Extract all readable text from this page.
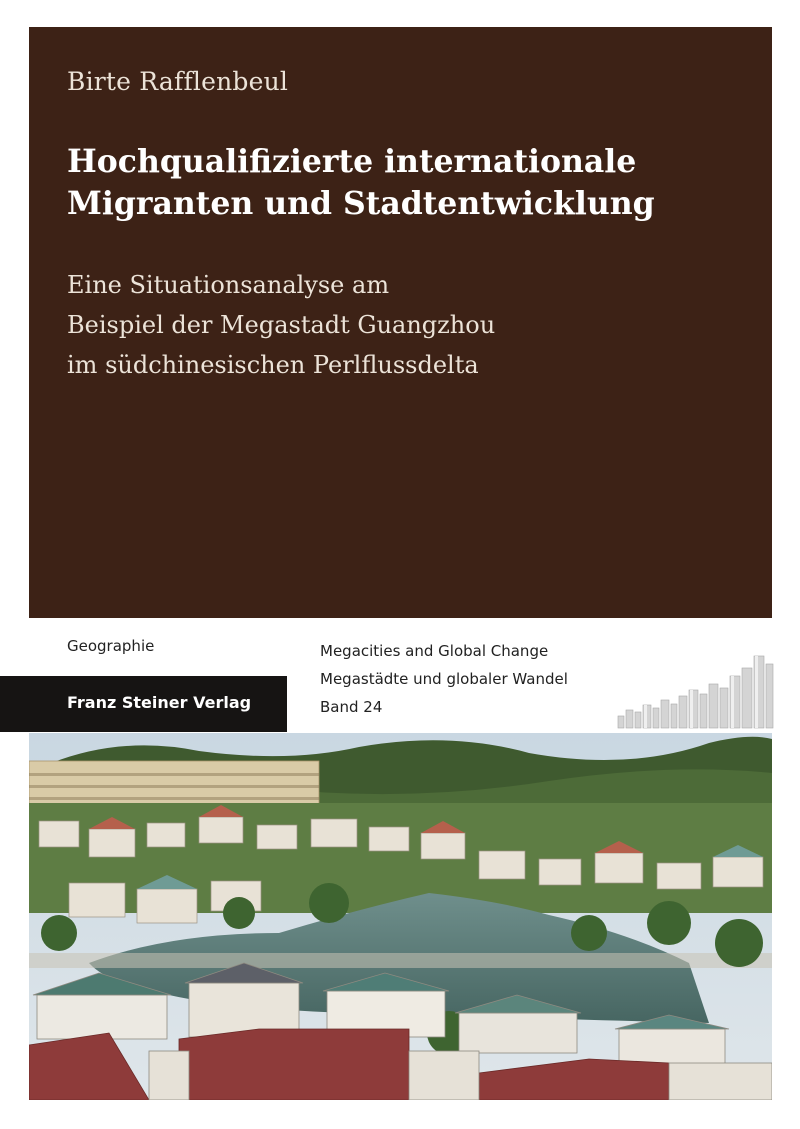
Birte Rafflenbeul
Hochqualifizierte internationale
Migranten und Stadtentwicklung
Eine Situationsanalyse am
Beispiel der Megastadt Guangzhou
im südchinesischen Perlflussdelta
Geographie
Franz Steiner Verlag
Megacities and Global Change
Megastädte und globaler Wandel
Band 24
